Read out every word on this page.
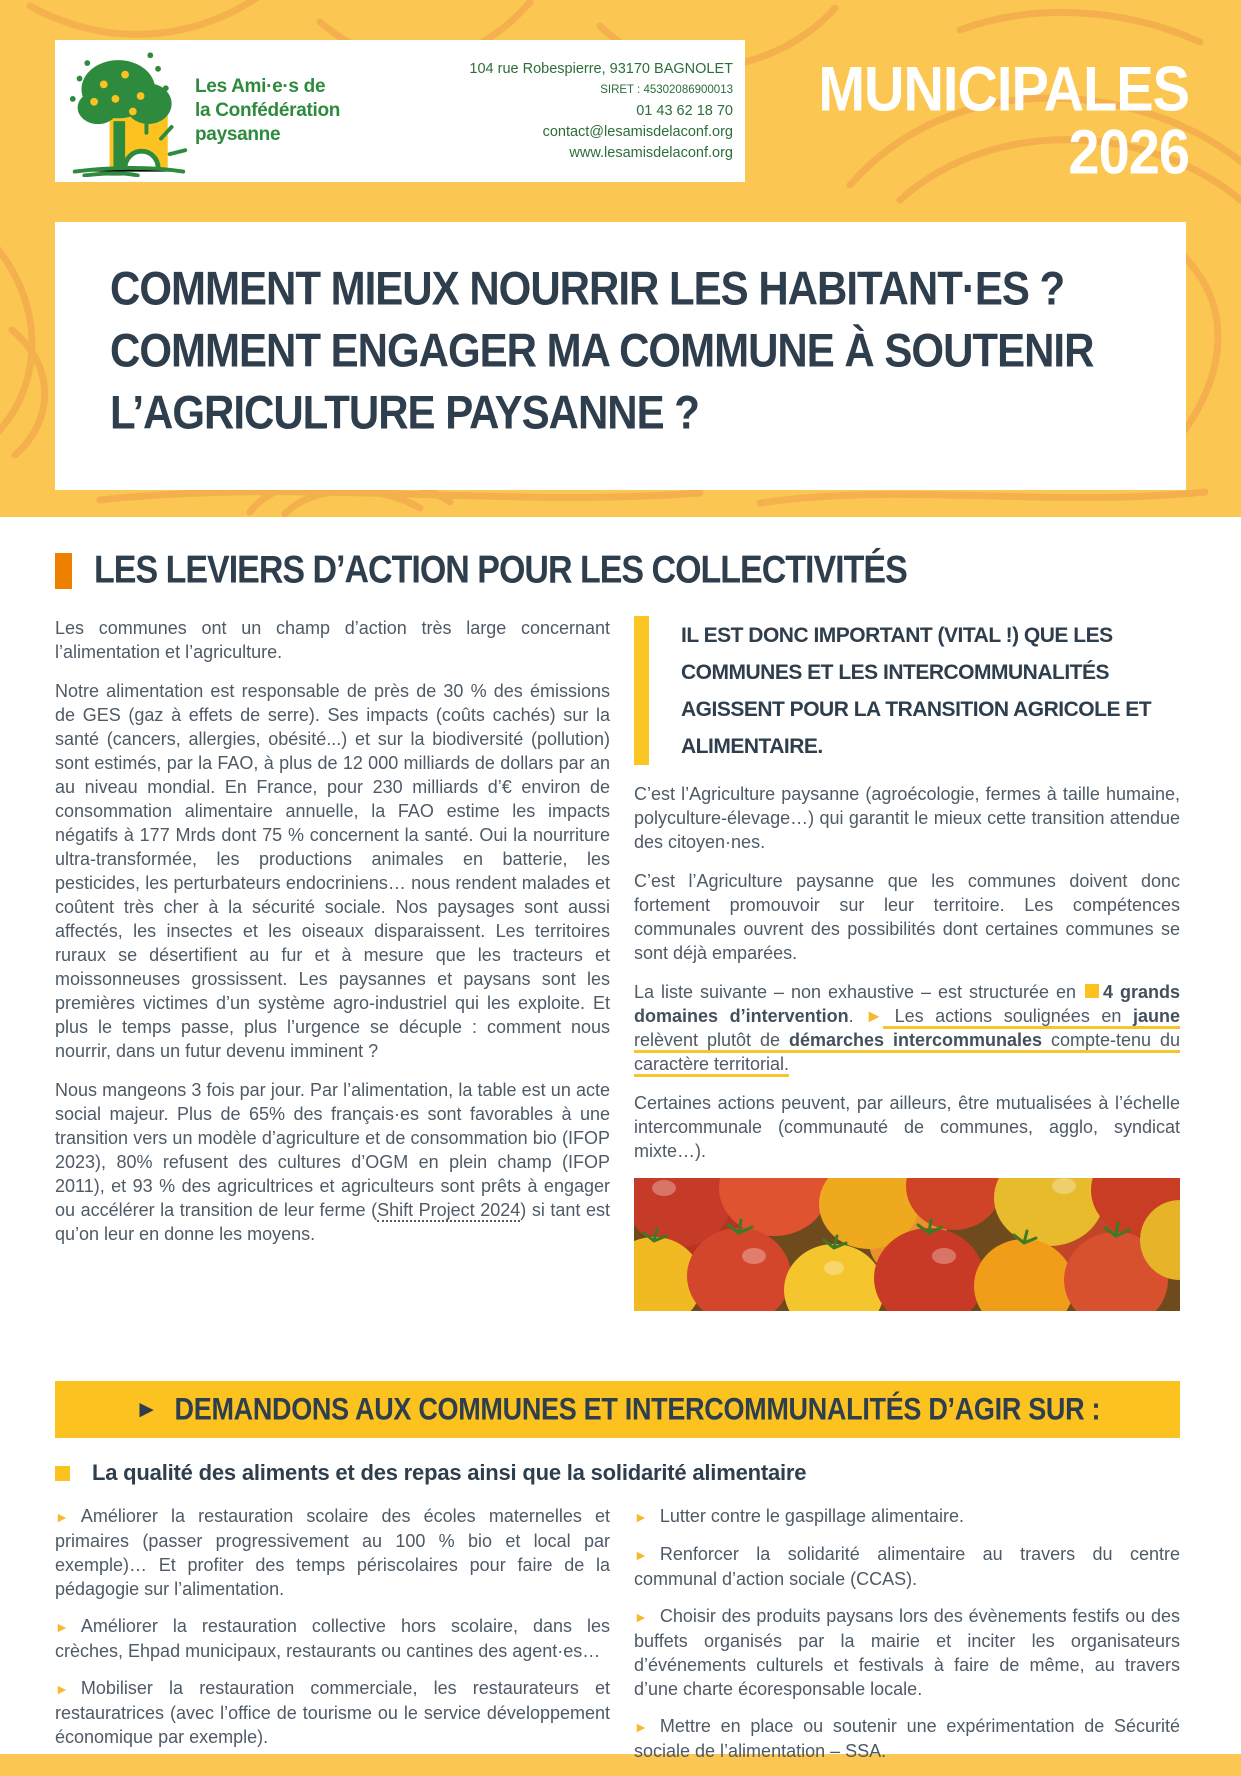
Les Ami·e·s de
la Confédération paysanne
104 rue Robespierre, 93170 BAGNOLET
SIRET : 45302086900013
01 43 62 18 70
contact@lesamisdelaconf.org
www.lesamisdelaconf.org
MUNICIPALES
2026
COMMENT MIEUX NOURRIR LES HABITANT·ES ?
COMMENT ENGAGER MA COMMUNE À SOUTENIR
L’AGRICULTURE PAYSANNE ?
LES LEVIERS D’ACTION POUR LES COLLECTIVITÉS

Les communes ont un champ d’action très large concernant l’alimentation et l’agriculture.

Notre alimentation est responsable de près de 30 % des émissions de GES (gaz à effets de serre). Ses impacts (coûts cachés) sur la santé (cancers, allergies, obésité...) et sur la biodiversité (pollution) sont estimés, par la FAO, à plus de 12 000 milliards de dollars par an au niveau mondial. En France, pour 230 milliards d’€ environ de consommation alimentaire annuelle, la FAO estime les impacts négatifs à 177 Mrds dont 75 % concernent la santé. Oui la nourriture ultra-transformée, les productions animales en batterie, les pesticides, les perturbateurs endocriniens… nous rendent malades et coûtent très cher à la sécurité sociale. Nos paysages sont aussi affectés, les insectes et les oiseaux disparaissent. Les territoires ruraux se désertifient au fur et à mesure que les tracteurs et moissonneuses grossissent. Les paysannes et paysans sont les premières victimes d’un système agro-industriel qui les exploite. Et plus le temps passe, plus l’urgence se décuple : comment nous nourrir, dans un futur devenu imminent ?

Nous mangeons 3 fois par jour. Par l’alimentation, la table est un acte social majeur. Plus de 65% des français·es sont favorables à une transition vers un modèle d’agriculture et de consommation bio (IFOP 2023), 80% refusent des cultures d’OGM en plein champ (IFOP 2011), et 93 % des agricultrices et agriculteurs sont prêts à engager ou accélérer la transition de leur ferme (Shift Project 2024) si tant est qu’on leur en donne les moyens.

IL EST DONC IMPORTANT (VITAL !) QUE LES COMMUNES ET LES INTERCOMMUNALITÉS AGISSENT POUR LA TRANSITION AGRICOLE ET ALIMENTAIRE.

C’est l’Agriculture paysanne (agroécologie, fermes à taille humaine, polyculture-élevage…) qui garantit le mieux cette transition attendue des citoyen·nes.

C’est l’Agriculture paysanne que les communes doivent donc fortement promouvoir sur leur territoire. Les compétences communales ouvrent des possibilités dont certaines communes se sont déjà emparées.

La liste suivante – non exhaustive – est structurée en 4 grands domaines d’intervention. ► Les actions soulignées en jaune relèvent plutôt de démarches intercommunales compte-tenu du caractère territorial.

Certaines actions peuvent, par ailleurs, être mutualisées à l’échelle intercommunale (communauté de communes, agglo, syndicat mixte…).

► DEMANDONS AUX COMMUNES ET INTERCOMMUNALITÉS D’AGIR SUR :
La qualité des aliments et des repas ainsi que la solidarité alimentaire

► Améliorer la restauration scolaire des écoles maternelles et primaires (passer progressivement au 100 % bio et local par exemple)… Et profiter des temps périscolaires pour faire de la pédagogie sur l’alimentation.

► Améliorer la restauration collective hors scolaire, dans les crèches, Ehpad municipaux, restaurants ou cantines des agent·es…

► Mobiliser la restauration commerciale, les restaurateurs et restauratrices (avec l’office de tourisme ou le service développement économique par exemple).

► Lutter contre le gaspillage alimentaire.

► Renforcer la solidarité alimentaire au travers du centre communal d’action sociale (CCAS).

► Choisir des produits paysans lors des évènements festifs ou des buffets organisés par la mairie et inciter les organisateurs d’événements culturels et festivals à faire de même, au travers d’une charte écoresponsable locale.

► Mettre en place ou soutenir une expérimentation de Sécurité sociale de l’alimentation – SSA.
